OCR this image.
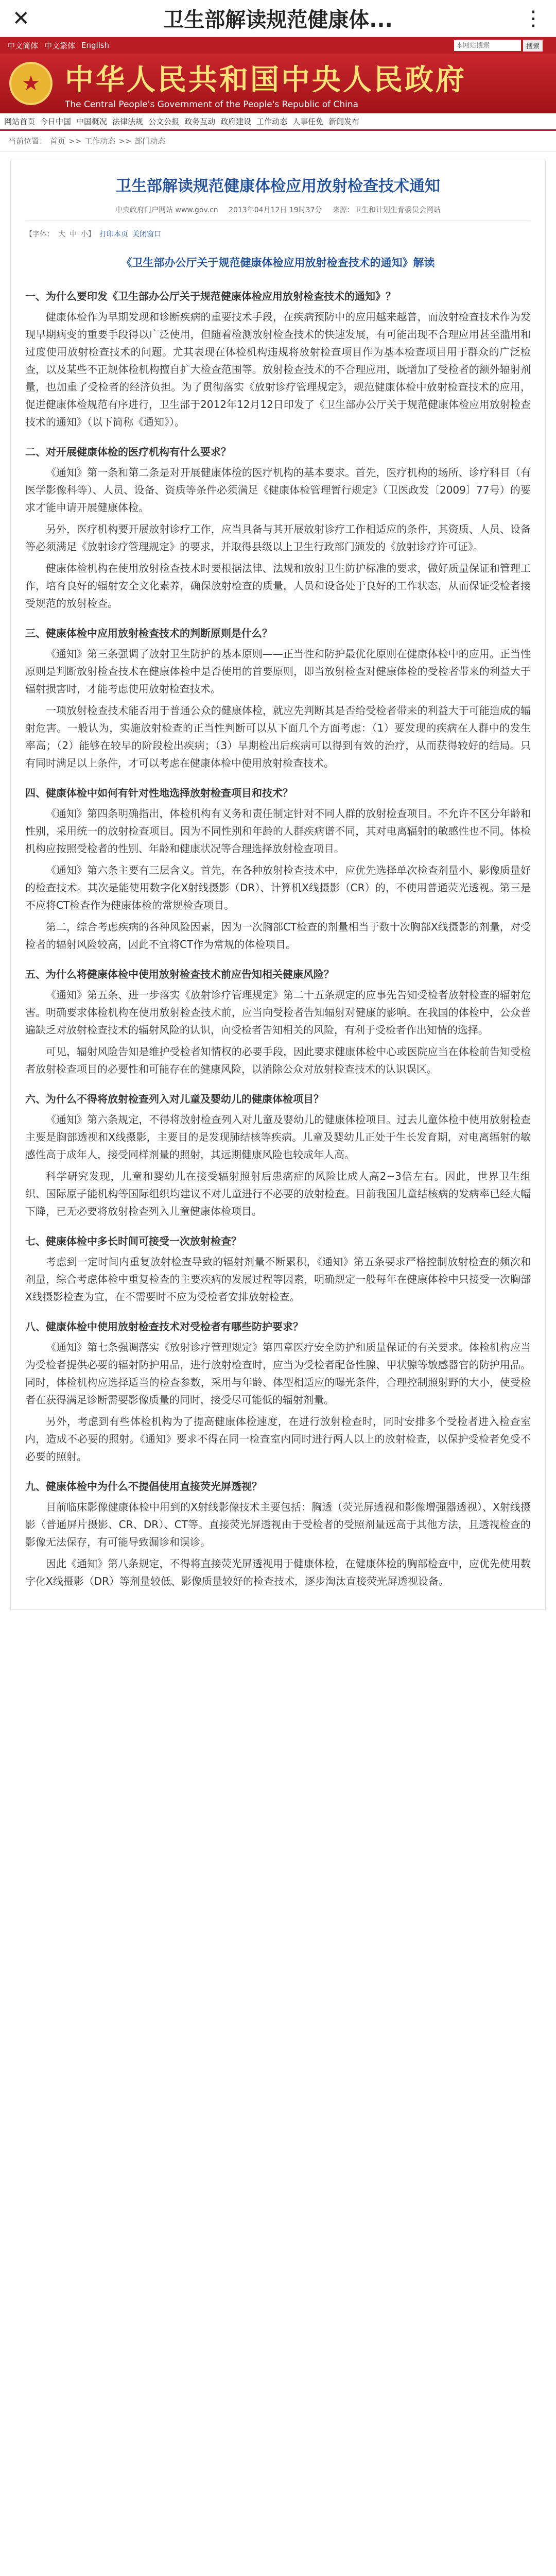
✕	卫生部解读规范健康体...	⋮
中文简体 中文繁体 English
本网站搜索	搜索
★ 中华人民共和国中央人民政府
The Central People's Government of the People's Republic of China
网站首页 今日中国 中国概况 法律法规 公文公报 政务互动 政府建设 工作动态 人事任免 新闻发布
当前位置： 首页 >> 工作动态 >> 部门动态
卫生部解读规范健康体检应用放射检查技术通知
中央政府门户网站 www.gov.cn 2013年04月12日 19时37分 来源：卫生和计划生育委员会网站
【字体： 大 中 小】 打印本页 关闭窗口
《卫生部办公厅关于规范健康体检应用放射检查技术的通知》解读
一、为什么要印发《卫生部办公厅关于规范健康体检应用放射检查技术的通知》？
健康体检作为早期发现和诊断疾病的重要技术手段，在疾病预防中的应用越来越普，而放射检查技术作为发现早期病变的重要手段得以广泛使用，但随着检测放射检查技术的快速发展，有可能出现不合理应用甚至滥用和过度使用放射检查技术的问题。尤其表现在体检机构违规将放射检查项目作为基本检查项目用于群众的广泛检查，以及某些不正规体检机构擅自扩大检查范围等。放射检查技术的不合理应用，既增加了受检者的额外辐射剂量，也加重了受检者的经济负担。为了贯彻落实《放射诊疗管理规定》，规范健康体检中放射检查技术的应用，促进健康体检规范有序进行，卫生部于2012年12月12日印发了《卫生部办公厅关于规范健康体检应用放射检查技术的通知》（以下简称《通知》）。
二、对开展健康体检的医疗机构有什么要求？
《通知》第一条和第二条是对开展健康体检的医疗机构的基本要求。首先，医疗机构的场所、诊疗科目（有医学影像科等）、人员、设备、资质等条件必须满足《健康体检管理暂行规定》（卫医政发〔2009〕77号）的要求才能申请开展健康体检。
另外，医疗机构要开展放射诊疗工作，应当具备与其开展放射诊疗工作相适应的条件，其资质、人员、设备等必须满足《放射诊疗管理规定》的要求，并取得县级以上卫生行政部门颁发的《放射诊疗许可证》。
健康体检机构在使用放射检查技术时要根据法律、法规和放射卫生防护标准的要求，做好质量保证和管理工作，培育良好的辐射安全文化素养，确保放射检查的质量，人员和设备处于良好的工作状态，从而保证受检者接受规范的放射检查。
三、健康体检中应用放射检查技术的判断原则是什么？
《通知》第三条强调了放射卫生防护的基本原则——正当性和防护最优化原则在健康体检中的应用。正当性原则是判断放射检查技术在健康体检中是否使用的首要原则，即当放射检查对健康体检的受检者带来的利益大于辐射损害时，才能考虑使用放射检查技术。
一项放射检查技术能否用于普通公众的健康体检，就应先判断其是否给受检者带来的利益大于可能造成的辐射危害。一般认为，实施放射检查的正当性判断可以从下面几个方面考虑：（1）要发现的疾病在人群中的发生率高；（2）能够在较早的阶段检出疾病；（3）早期检出后疾病可以得到有效的治疗，从而获得较好的结局。只有同时满足以上条件，才可以考虑在健康体检中使用放射检查技术。
四、健康体检中如何有针对性地选择放射检查项目和技术？
《通知》第四条明确指出，体检机构有义务和责任制定针对不同人群的放射检查项目。不允许不区分年龄和性别，采用统一的放射检查项目。因为不同性别和年龄的人群疾病谱不同，其对电离辐射的敏感性也不同。体检机构应按照受检者的性别、年龄和健康状况等合理选择放射检查项目。
《通知》第六条主要有三层含义。首先，在各种放射检查技术中，应优先选择单次检查剂量小、影像质量好的检查技术。其次是能使用数字化X射线摄影（DR）、计算机X线摄影（CR）的，不使用普通荧光透视。第三是不应将CT检查作为健康体检的常规检查项目。
第二，综合考虑疾病的各种风险因素，因为一次胸部CT检查的剂量相当于数十次胸部X线摄影的剂量，对受检者的辐射风险较高，因此不宜将CT作为常规的体检项目。
五、为什么将健康体检中使用放射检查技术前应告知相关健康风险？
《通知》第五条、进一步落实《放射诊疗管理规定》第二十五条规定的应事先告知受检者放射检查的辐射危害。明确要求体检机构在使用放射检查技术前，应当向受检者告知辐射对健康的影响。在我国的体检中，公众普遍缺乏对放射检查技术的辐射风险的认识，向受检者告知相关的风险，有利于受检者作出知情的选择。
可见，辐射风险告知是维护受检者知情权的必要手段，因此要求健康体检中心或医院应当在体检前告知受检者放射检查项目的必要性和可能存在的健康风险，以消除公众对放射检查技术的认识误区。
六、为什么不得将放射检查列入对儿童及婴幼儿的健康体检项目？
《通知》第六条规定，不得将放射检查列入对儿童及婴幼儿的健康体检项目。过去儿童体检中使用放射检查主要是胸部透视和X线摄影，主要目的是发现肺结核等疾病。儿童及婴幼儿正处于生长发育期，对电离辐射的敏感性高于成年人，接受同样剂量的照射，其远期健康风险也较成年人高。
科学研究发现，儿童和婴幼儿在接受辐射照射后患癌症的风险比成人高2~3倍左右。因此，世界卫生组织、国际原子能机构等国际组织均建议不对儿童进行不必要的放射检查。目前我国儿童结核病的发病率已经大幅下降，已无必要将放射检查列入儿童健康体检项目。
七、健康体检中多长时间可接受一次放射检查？
考虑到一定时间内重复放射检查导致的辐射剂量不断累积，《通知》第五条要求严格控制放射检查的频次和剂量，综合考虑体检中重复检查的主要疾病的发展过程等因素，明确规定一般每年在健康体检中只接受一次胸部X线摄影检查为宜，在不需要时不应为受检者安排放射检查。
八、健康体检中使用放射检查技术对受检者有哪些防护要求？
《通知》第七条强调落实《放射诊疗管理规定》第四章医疗安全防护和质量保证的有关要求。体检机构应当为受检者提供必要的辐射防护用品，进行放射检查时，应当为受检者配备性腺、甲状腺等敏感器官的防护用品。同时，体检机构应选择适当的检查参数，采用与年龄、体型相适应的曝光条件，合理控制照射野的大小，使受检者在获得满足诊断需要影像质量的同时，接受尽可能低的辐射剂量。
另外，考虑到有些体检机构为了提高健康体检速度，在进行放射检查时，同时安排多个受检者进入检查室内，造成不必要的照射。《通知》要求不得在同一检查室内同时进行两人以上的放射检查，以保护受检者免受不必要的照射。
九、健康体检中为什么不提倡使用直接荧光屏透视？
目前临床影像健康体检中用到的X射线影像技术主要包括：胸透（荧光屏透视和影像增强器透视）、X射线摄影（普通屏片摄影、CR、DR）、CT等。直接荧光屏透视由于受检者的受照剂量远高于其他方法，且透视检查的影像无法保存，有可能导致漏诊和误诊。
因此《通知》第八条规定，不得将直接荧光屏透视用于健康体检，在健康体检的胸部检查中，应优先使用数字化X线摄影（DR）等剂量较低、影像质量较好的检查技术，逐步淘汰直接荧光屏透视设备。
